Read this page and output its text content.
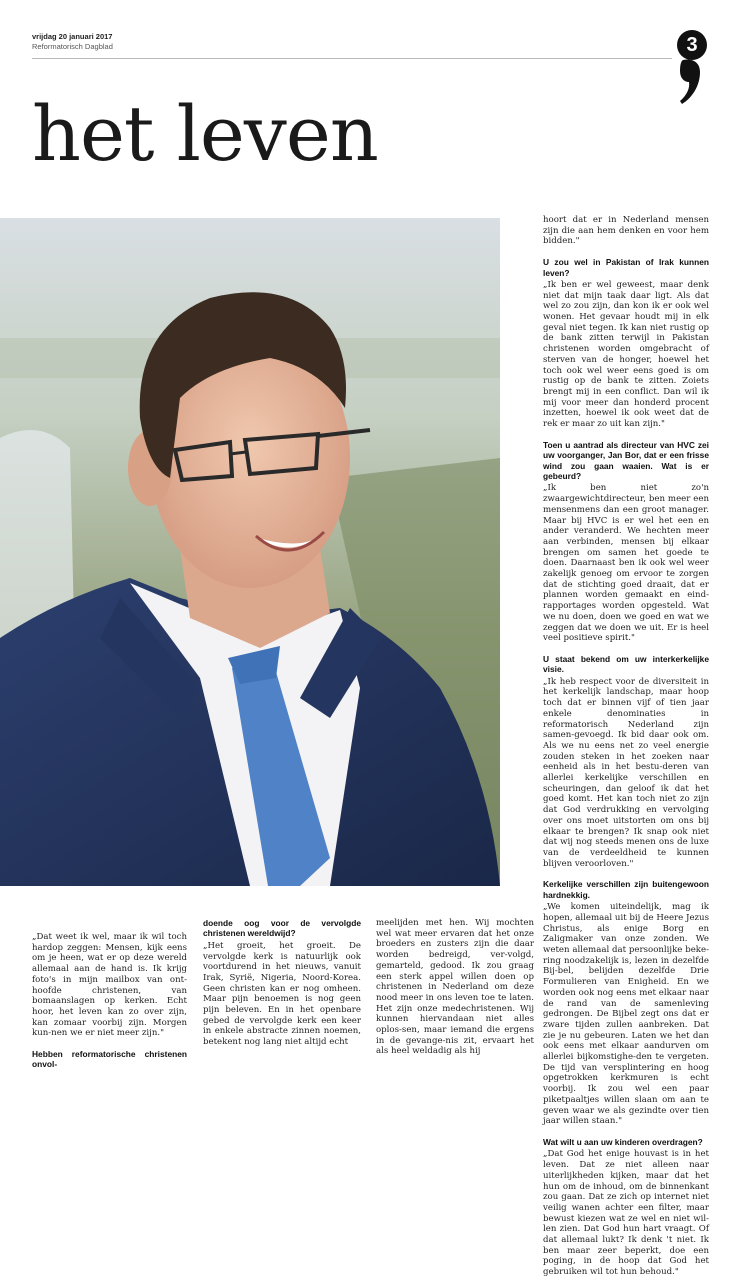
vrijdag 20 januari 2017
Reformatorisch Dagblad	3
het leven

hoort dat er in Nederland mensen zijn die aan hem denken en voor hem bidden."

U zou wel in Pakistan of Irak kunnen leven?

„Ik ben er wel geweest, maar denk niet dat mijn taak daar ligt. Als dat wel zo zou zijn, dan kon ik er ook wel wonen. Het gevaar houdt mij in elk geval niet tegen. Ik kan niet rustig op de bank zitten terwijl in Pakistan christenen worden omgebracht of sterven van de honger, hoewel het toch ook wel weer eens goed is om rustig op de bank te zitten. Zoiets brengt mij in een conflict. Dan wil ik mij voor meer dan honderd procent inzetten, hoewel ik ook weet dat de rek er maar zo uit kan zijn."

Toen u aantrad als directeur van HVC zei uw voorganger, Jan Bor, dat er een frisse wind zou gaan waaien. Wat is er gebeurd?

„Ik ben niet zo'n zwaargewichtdirecteur, ben meer een mensenmens dan een groot manager. Maar bij HVC is er wel het een en ander veranderd. We hechten meer aan verbinden, mensen bij elkaar brengen om samen het goede te doen. Daarnaast ben ik ook wel weer zakelijk genoeg om ervoor te zorgen dat de stichting goed draait, dat er plannen worden gemaakt en eind-rapportages worden opgesteld. Wat we nu doen, doen we goed en wat we zeggen dat we doen we uit. Er is heel veel positieve spirit."

U staat bekend om uw interkerkelijke visie.

„Ik heb respect voor de diversiteit in het kerkelijk landschap, maar hoop toch dat er binnen vijf of tien jaar enkele denominaties in reformatorisch Nederland zijn samen-gevoegd. Ik bid daar ook om. Als we nu eens net zo veel energie zouden steken in het zoeken naar eenheid als in het bestu-deren van allerlei kerkelijke verschillen en scheuringen, dan geloof ik dat het goed komt. Het kan toch niet zo zijn dat God verdrukking en vervolging over ons moet uitstorten om ons bij elkaar te brengen? Ik snap ook niet dat wij nog steeds menen ons de luxe van de verdeeldheid te kunnen blijven veroorloven."

Kerkelijke verschillen zijn buitengewoon hardnekkig.

„We komen uiteindelijk, mag ik hopen, allemaal uit bij de Heere Jezus Christus, als enige Borg en Zaligmaker van onze zonden. We weten allemaal dat persoonlijke beke-ring noodzakelijk is, lezen in dezelfde Bij-bel, belijden dezelfde Drie Formulieren van Enigheid. En we worden ook nog eens met elkaar naar de rand van de samenleving gedrongen. De Bijbel zegt ons dat er zware tijden zullen aanbreken. Dat zie je nu gebeuren. Laten we het dan ook eens met elkaar aandurven om allerlei bijkomstighe-den te vergeten. De tijd van versplintering en hoog opgetrokken kerkmuren is echt voorbij. Ik zou wel een paar piketpaaltjes willen slaan om aan te geven waar we als gezindte over tien jaar willen staan."

Wat wilt u aan uw kinderen overdragen?

„Dat God het enige houvast is in het leven. Dat ze niet alleen naar uiterlijkheden kijken, maar dat het hun om de inhoud, om de binnenkant zou gaan. Dat ze zich op internet niet veilig wanen achter een filter, maar bewust kiezen wat ze wel en niet wil-len zien. Dat God hun hart vraagt. Of dat allemaal lukt? Ik denk 't niet. Ik ben maar zeer beperkt, doe een poging, in de hoop dat God het gebruiken wil tot hun behoud."

„Dat weet ik wel, maar ik wil toch hardop zeggen: Mensen, kijk eens om je heen, wat er op deze wereld allemaal aan de hand is. Ik krijg foto's in mijn mailbox van ont-hoofde christenen, van bomaanslagen op kerken. Echt hoor, het leven kan zo over zijn, kan zomaar voorbij zijn. Morgen kun-nen we er niet meer zijn."

Hebben reformatorische christenen onvol-

doende oog voor de vervolgde christenen wereldwijd?

„Het groeit, het groeit. De vervolgde kerk is natuurlijk ook voortdurend in het nieuws, vanuit Irak, Syrië, Nigeria, Noord-Korea. Geen christen kan er nog omheen. Maar pijn benoemen is nog geen pijn beleven. En in het openbare gebed de vervolgde kerk een keer in enkele abstracte zinnen noemen, betekent nog lang niet altijd echt

meelijden met hen. Wij mochten wel wat meer ervaren dat het onze broeders en zusters zijn die daar worden bedreigd, ver-volgd, gemarteld, gedood. Ik zou graag een sterk appel willen doen op christenen in Nederland om deze nood meer in ons leven toe te laten. Het zijn onze medechristenen. Wij kunnen hiervandaan niet alles oplos-sen, maar iemand die ergens in de gevange-nis zit, ervaart het als heel weldadig als hij
